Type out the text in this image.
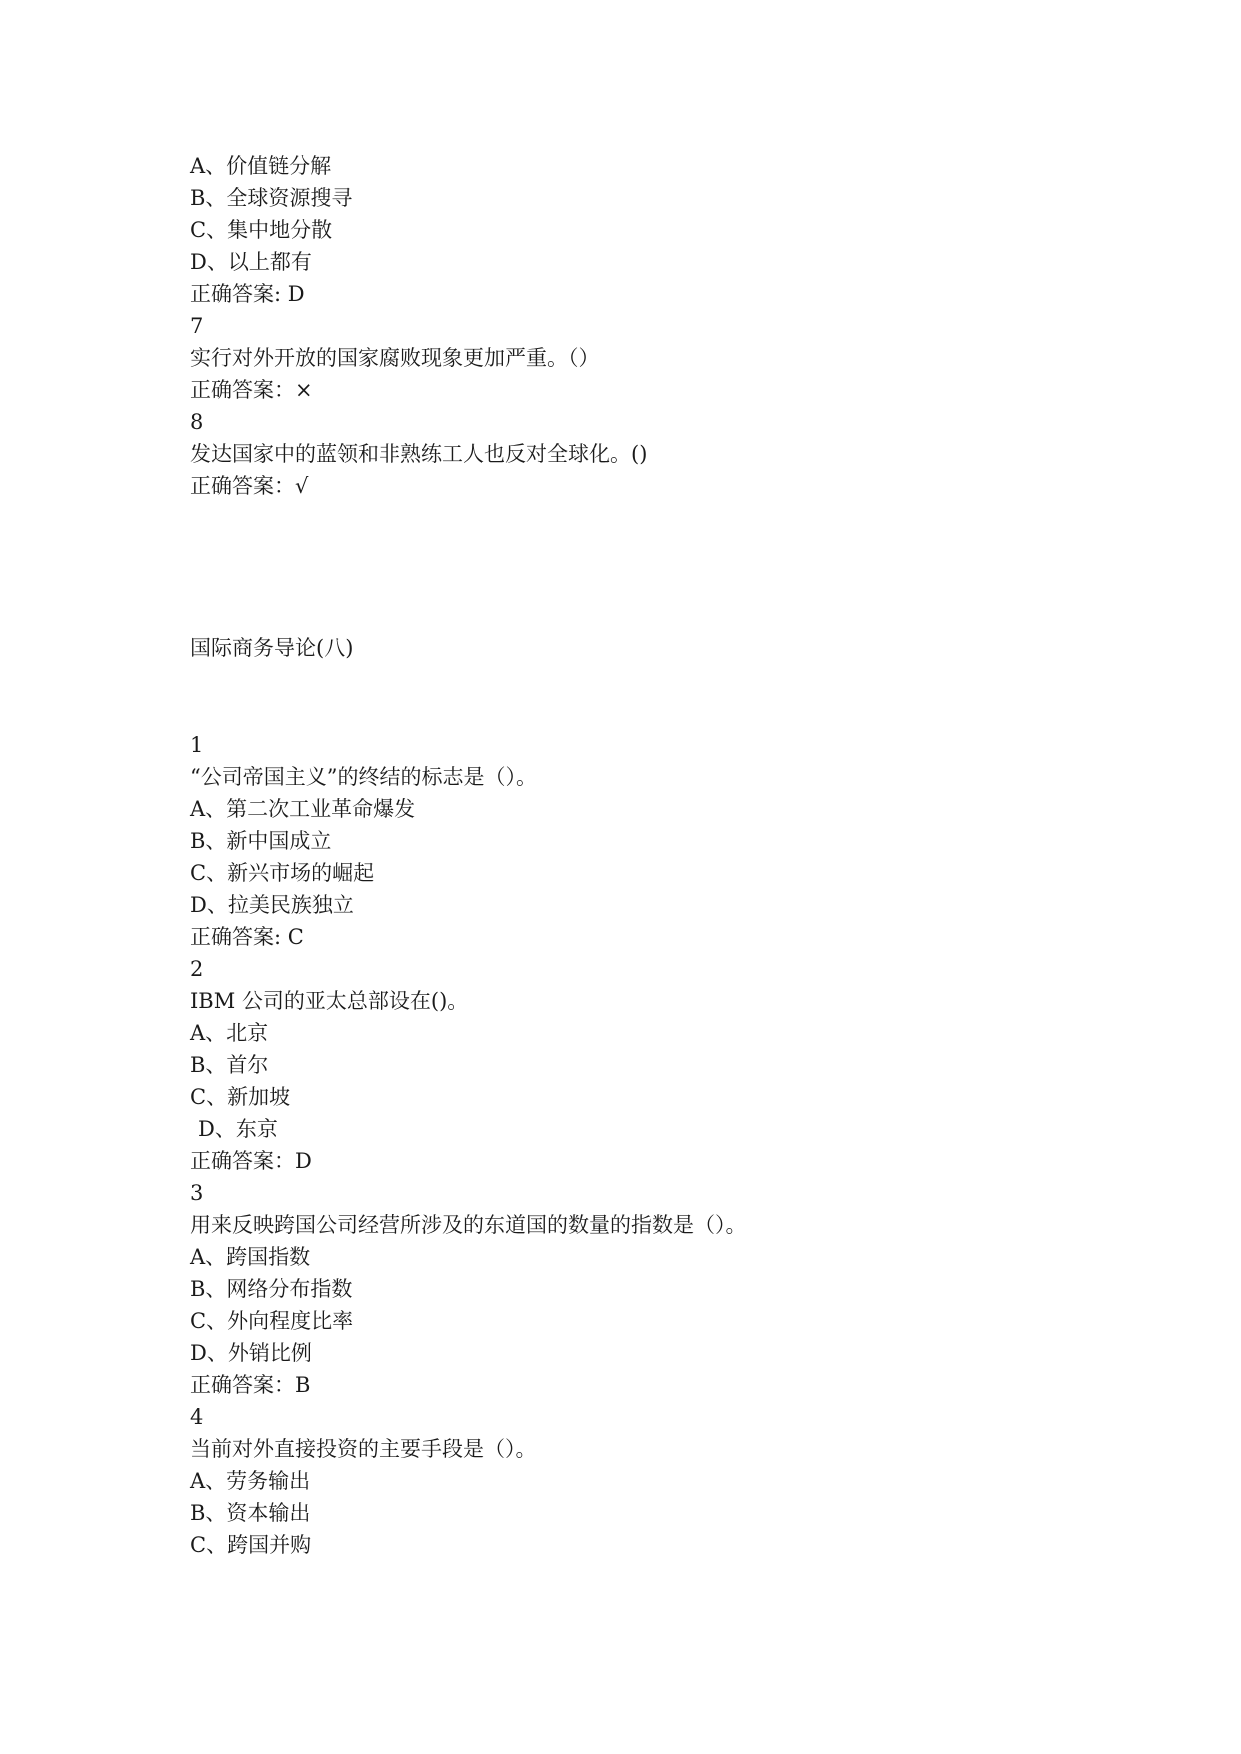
A、价值链分解
B、全球资源搜寻
C、集中地分散
D、以上都有
正确答案: D
7
实行对外开放的国家腐败现象更加严重。（）
正确答案：×
8
发达国家中的蓝领和非熟练工人也反对全球化。()
正确答案：√
国际商务导论(八)
1
“公司帝国主义”的终结的标志是（）。
A、第二次工业革命爆发
B、新中国成立
C、新兴市场的崛起
D、拉美民族独立
正确答案: C
2
IBM 公司的亚太总部设在()。
A、北京
B、首尔
C、新加坡
D、东京
正确答案：D
3
用来反映跨国公司经营所涉及的东道国的数量的指数是（）。
A、跨国指数
B、网络分布指数
C、外向程度比率
D、外销比例
正确答案：B
4
当前对外直接投资的主要手段是（）。
A、劳务输出
B、资本输出
C、跨国并购
